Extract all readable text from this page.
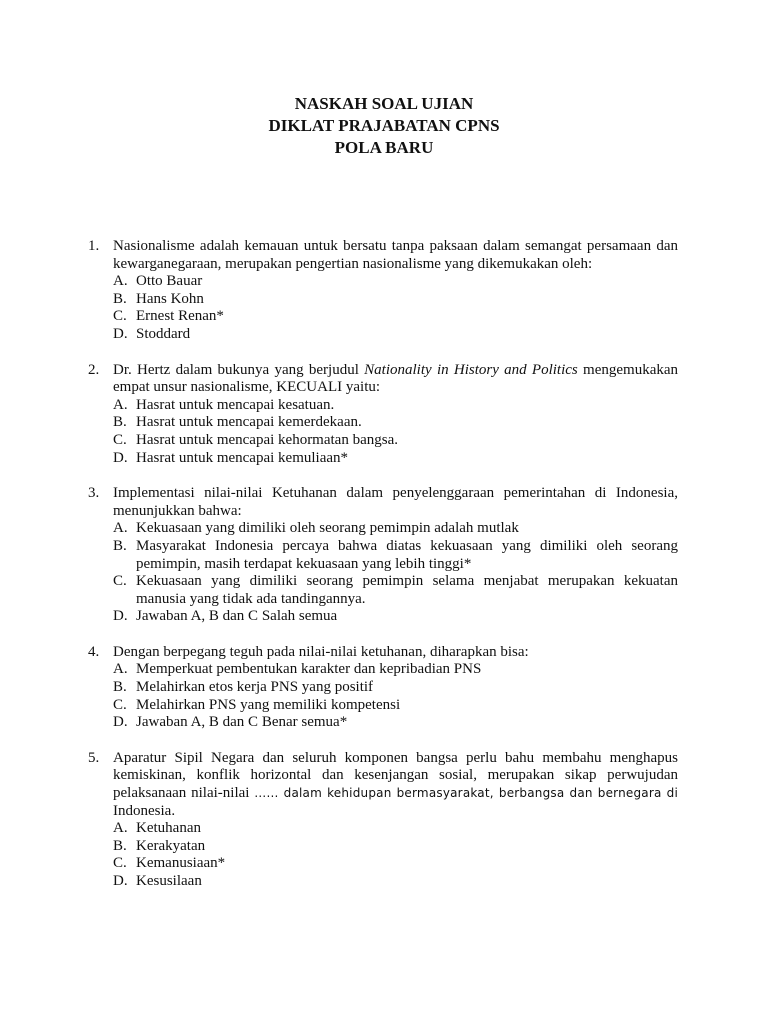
NASKAH SOAL UJIAN

DIKLAT PRAJABATAN CPNS

POLA BARU

1. Nasionalisme adalah kemauan untuk bersatu tanpa paksaan dalam semangat persamaan dan kewarganegaraan, merupakan pengertian nasionalisme yang dikemukakan oleh:
A. Otto Bauar
B. Hans Kohn
C. Ernest Renan*
D. Stoddard
2. Dr. Hertz dalam bukunya yang berjudul Nationality in History and Politics mengemukakan empat unsur nasionalisme, KECUALI yaitu:
A. Hasrat untuk mencapai kesatuan.
B. Hasrat untuk mencapai kemerdekaan.
C. Hasrat untuk mencapai kehormatan bangsa.
D. Hasrat untuk mencapai kemuliaan*
3. Implementasi nilai-nilai Ketuhanan dalam penyelenggaraan pemerintahan di Indonesia, menunjukkan bahwa:
A. Kekuasaan yang dimiliki oleh seorang pemimpin adalah mutlak
B. Masyarakat Indonesia percaya bahwa diatas kekuasaan yang dimiliki oleh seorang pemimpin, masih terdapat kekuasaan yang lebih tinggi*
C. Kekuasaan yang dimiliki seorang pemimpin selama menjabat merupakan kekuatan manusia yang tidak ada tandingannya.
D. Jawaban A, B dan C Salah semua
4. Dengan berpegang teguh pada nilai-nilai ketuhanan, diharapkan bisa:
A. Memperkuat pembentukan karakter dan kepribadian PNS
B. Melahirkan etos kerja PNS yang positif
C. Melahirkan PNS yang memiliki kompetensi
D. Jawaban A, B dan C Benar semua*
5. Aparatur Sipil Negara dan seluruh komponen bangsa perlu bahu membahu menghapus kemiskinan, konflik horizontal dan kesenjangan sosial, merupakan sikap perwujudan pelaksanaan nilai-nilai …... dalam kehidupan bermasyarakat, berbangsa dan bernegara di Indonesia.
A. Ketuhanan
B. Kerakyatan
C. Kemanusiaan*
D. Kesusilaan
